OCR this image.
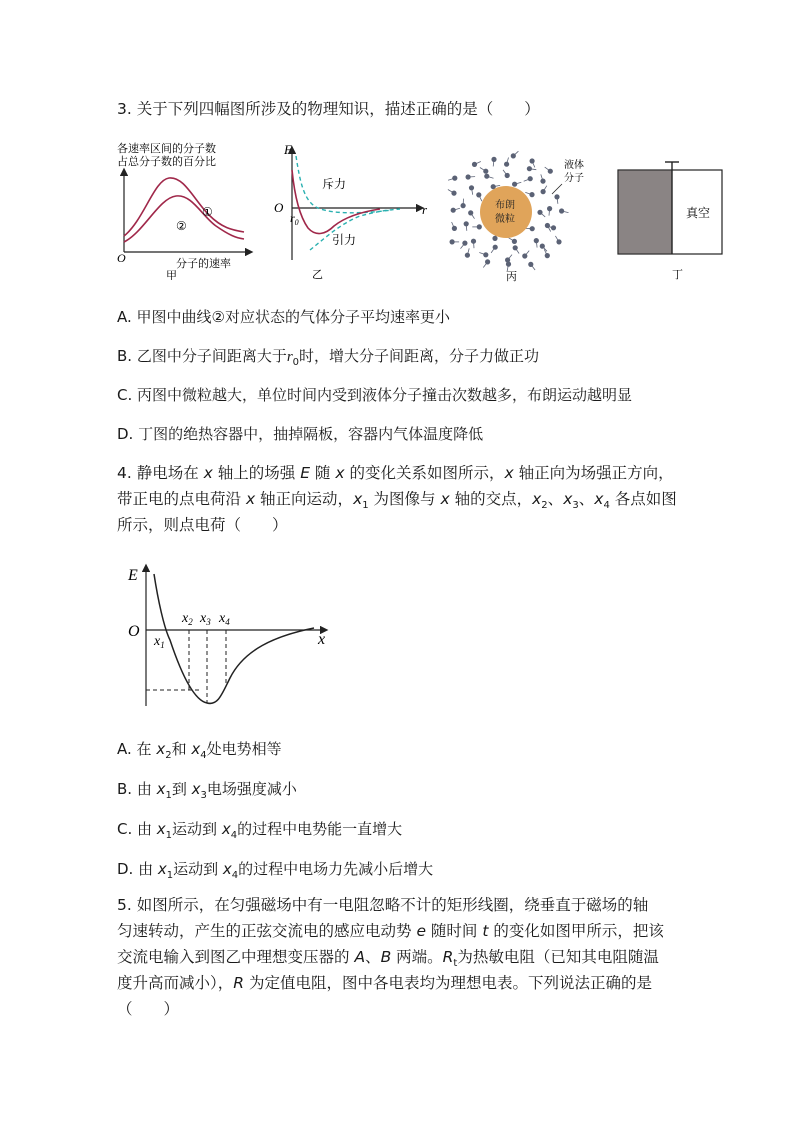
3. 关于下列四幅图所涉及的物理知识，描述正确的是（　　）
各速率区间的分子数
占总分子数的百分比
O
①
②
分子的速率
甲
F
O
$r_0$
r
斥力
引力
乙
布朗
微粒
液体
分子
丙
真空
丁
A. 甲图中曲线②对应状态的气体分子平均速率更小
B. 乙图中分子间距离大于$r_0$时，增大分子间距离，分子力做正功
C. 丙图中微粒越大，单位时间内受到液体分子撞击次数越多，布朗运动越明显
D. 丁图的绝热容器中，抽掉隔板，容器内气体温度降低
4. 静电场在 x 轴上的场强 E 随 x 的变化关系如图所示，x 轴正向为场强正方向，
带正电的点电荷沿 x 轴正向运动，$x_1$ 为图像与 x 轴的交点，$x_2$、$x_3$、$x_4$ 各点如图
所示，则点电荷（　　）
E
O	x
$x_1$
$x_2$ $x_3$ $x_4$
A. 在 $x_2$和 $x_4$处电势相等
B. 由 $x_1$到 $x_3$电场强度减小
C. 由 $x_1$运动到 $x_4$的过程中电势能一直增大
D. 由 $x_1$运动到 $x_4$的过程中电场力先减小后增大
5. 如图所示，在匀强磁场中有一电阻忽略不计的矩形线圈，绕垂直于磁场的轴
匀速转动，产生的正弦交流电的感应电动势 e 随时间 t 的变化如图甲所示，把该
交流电输入到图乙中理想变压器的 A、B 两端。$R_t$为热敏电阻（已知其电阻随温
度升高而减小），R 为定值电阻，图中各电表均为理想电表。下列说法正确的是
（　　）
